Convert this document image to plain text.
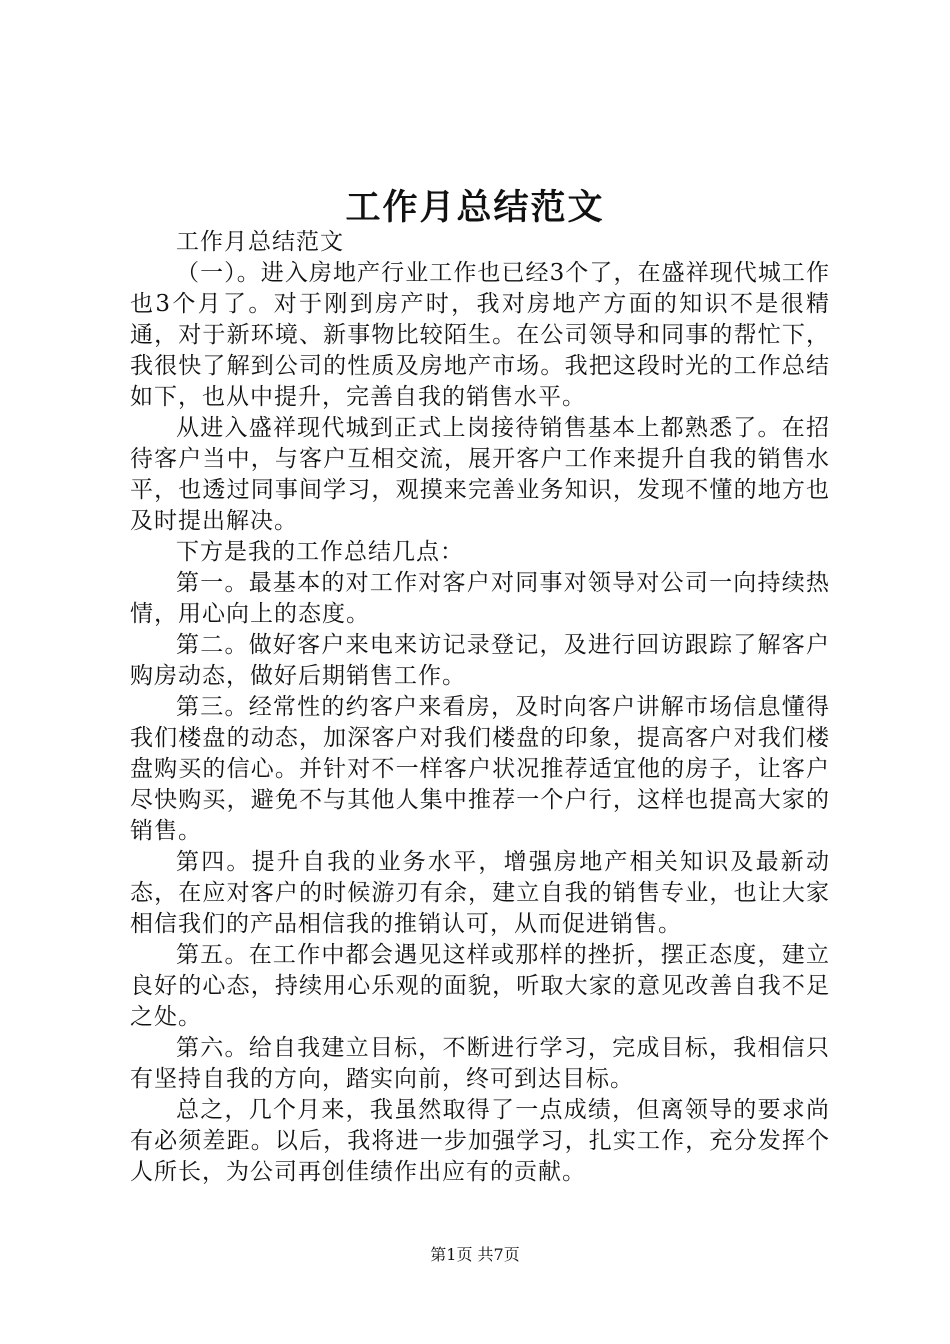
工作月总结范文

工作月总结范文

（一）。进入房地产行业工作也已经3个了，在盛祥现代城工作也3个月了。对于刚到房产时，我对房地产方面的知识不是很精通，对于新环境、新事物比较陌生。在公司领导和同事的帮忙下，我很快了解到公司的性质及房地产市场。我把这段时光的工作总结如下，也从中提升，完善自我的销售水平。

从进入盛祥现代城到正式上岗接待销售基本上都熟悉了。在招待客户当中，与客户互相交流，展开客户工作来提升自我的销售水平，也透过同事间学习，观摸来完善业务知识，发现不懂的地方也及时提出解决。

下方是我的工作总结几点：

第一。最基本的对工作对客户对同事对领导对公司一向持续热情，用心向上的态度。

第二。做好客户来电来访记录登记，及进行回访跟踪了解客户购房动态，做好后期销售工作。

第三。经常性的约客户来看房，及时向客户讲解市场信息懂得我们楼盘的动态，加深客户对我们楼盘的印象，提高客户对我们楼盘购买的信心。并针对不一样客户状况推荐适宜他的房子，让客户尽快购买，避免不与其他人集中推荐一个户行，这样也提高大家的销售。

第四。提升自我的业务水平，增强房地产相关知识及最新动态，在应对客户的时候游刃有余，建立自我的销售专业，也让大家相信我们的产品相信我的推销认可，从而促进销售。

第五。在工作中都会遇见这样或那样的挫折，摆正态度，建立良好的心态，持续用心乐观的面貌，听取大家的意见改善自我不足之处。

第六。给自我建立目标，不断进行学习，完成目标，我相信只有坚持自我的方向，踏实向前，终可到达目标。

总之，几个月来，我虽然取得了一点成绩，但离领导的要求尚有必须差距。以后，我将进一步加强学习，扎实工作，充分发挥个人所长，为公司再创佳绩作出应有的贡献。

第1页 共7页
